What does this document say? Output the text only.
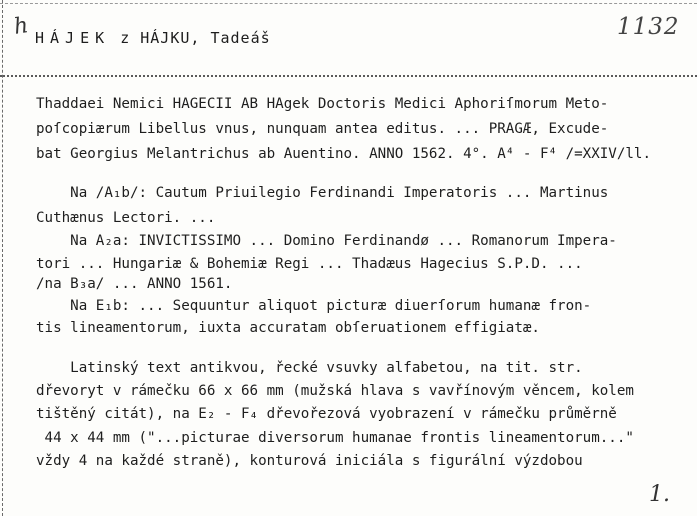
h HÁJEK z HÁJKU, Tadeáš	1132
Thaddaei Nemici HAGECII AB HAgek Doctoris Medici Aphoriſmorum Meto-
poſcopiærum Libellus vnus, nunquam antea editus. ... PRAGÆ, Excude-
bat Georgius Melantrichus ab Auentino. ANNO 1562. 4°. A⁴ - F⁴ /=XXIV/ll.
Na /A₁b/: Cautum Priuilegio Ferdinandi Imperatoris ... Martinus
Cuthænus Lectori. ...
Na A₂a: INVICTISSIMO ... Domino Ferdinandø ... Romanorum Impera-
tori ... Hungariæ & Bohemiæ Regi ... Thadæus Hagecius S.P.D. ...
/na B₃a/ ... ANNO 1561.
Na E₁b: ... Sequuntur aliquot picturæ diuerſorum humanæ fron-
tis lineamentorum, iuxta accuratam obſeruationem effigiatæ.
Latinský text antikvou, řecké vsuvky alfabetou, na tit. str.
dřevoryt v rámečku 66 x 66 mm (mužská hlava s vavřínovým věncem, kolem
tištěný citát), na E₂ - F₄ dřevořezová vyobrazení v rámečku průměrně
44 x 44 mm ("...picturae diversorum humanae frontis lineamentorum..."
vždy 4 na každé straně), konturová iniciála s figurální výzdobou
1.
